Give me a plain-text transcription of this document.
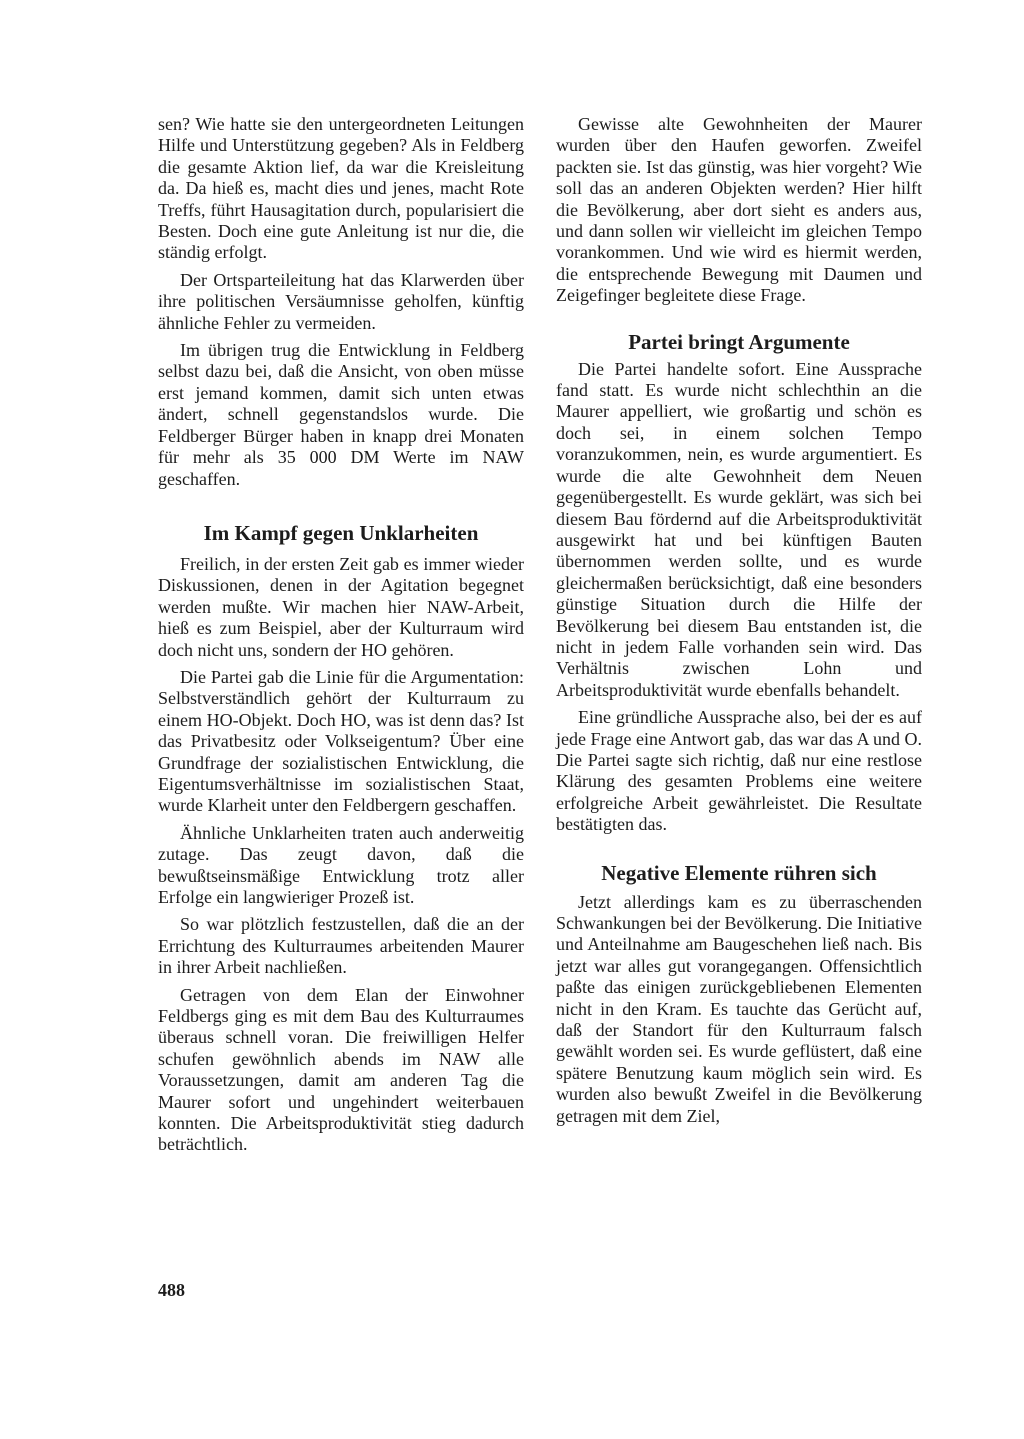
sen? Wie hatte sie den untergeordneten Leitungen Hilfe und Unterstützung gegeben? Als in Feldberg die gesamte Aktion lief, da war die Kreisleitung da. Da hieß es, macht dies und jenes, macht Rote Treffs, führt Hausagitation durch, popularisiert die Besten. Doch eine gute Anleitung ist nur die, die ständig erfolgt.

Der Ortsparteileitung hat das Klarwerden über ihre politischen Versäumnisse geholfen, künftig ähnliche Fehler zu vermeiden.

Im übrigen trug die Entwicklung in Feldberg selbst dazu bei, daß die Ansicht, von oben müsse erst jemand kommen, damit sich unten etwas ändert, schnell gegenstandslos wurde. Die Feldberger Bürger haben in knapp drei Monaten für mehr als 35 000 DM Werte im NAW geschaffen.

Im Kampf gegen Unklarheiten

Freilich, in der ersten Zeit gab es immer wieder Diskussionen, denen in der Agitation begegnet werden mußte. Wir machen hier NAW-Arbeit, hieß es zum Beispiel, aber der Kulturraum wird doch nicht uns, sondern der HO gehören.

Die Partei gab die Linie für die Argumentation: Selbstverständlich gehört der Kulturraum zu einem HO-Objekt. Doch HO, was ist denn das? Ist das Privatbesitz oder Volkseigentum? Über eine Grundfrage der sozialistischen Entwicklung, die Eigentumsverhältnisse im sozialistischen Staat, wurde Klarheit unter den Feldbergern geschaffen.

Ähnliche Unklarheiten traten auch anderweitig zutage. Das zeugt davon, daß die bewußtseinsmäßige Entwicklung trotz aller Erfolge ein langwieriger Prozeß ist.

So war plötzlich festzustellen, daß die an der Errichtung des Kulturraumes arbeitenden Maurer in ihrer Arbeit nachließen.

Getragen von dem Elan der Einwohner Feldbergs ging es mit dem Bau des Kulturraumes überaus schnell voran. Die freiwilligen Helfer schufen gewöhnlich abends im NAW alle Voraussetzungen, damit am anderen Tag die Maurer sofort und ungehindert weiterbauen konnten. Die Arbeitsproduktivität stieg dadurch beträchtlich.

Gewisse alte Gewohnheiten der Maurer wurden über den Haufen geworfen. Zweifel packten sie. Ist das günstig, was hier vorgeht? Wie soll das an anderen Objekten werden? Hier hilft die Bevölkerung, aber dort sieht es anders aus, und dann sollen wir vielleicht im gleichen Tempo vorankommen. Und wie wird es hiermit werden, die entsprechende Bewegung mit Daumen und Zeigefinger begleitete diese Frage.

Partei bringt Argumente

Die Partei handelte sofort. Eine Aussprache fand statt. Es wurde nicht schlechthin an die Maurer appelliert, wie großartig und schön es doch sei, in einem solchen Tempo voranzukommen, nein, es wurde argumentiert. Es wurde die alte Gewohnheit dem Neuen gegenübergestellt. Es wurde geklärt, was sich bei diesem Bau fördernd auf die Arbeitsproduktivität ausgewirkt hat und bei künftigen Bauten übernommen werden sollte, und es wurde gleichermaßen berücksichtigt, daß eine besonders günstige Situation durch die Hilfe der Bevölkerung bei diesem Bau entstanden ist, die nicht in jedem Falle vorhanden sein wird. Das Verhältnis zwischen Lohn und Arbeitsproduktivität wurde ebenfalls behandelt.

Eine gründliche Aussprache also, bei der es auf jede Frage eine Antwort gab, das war das A und O. Die Partei sagte sich richtig, daß nur eine restlose Klärung des gesamten Problems eine weitere erfolgreiche Arbeit gewährleistet. Die Resultate bestätigten das.

Negative Elemente rühren sich

Jetzt allerdings kam es zu überraschenden Schwankungen bei der Bevölkerung. Die Initiative und Anteilnahme am Baugeschehen ließ nach. Bis jetzt war alles gut vorangegangen. Offensichtlich paßte das einigen zurückgebliebenen Elementen nicht in den Kram. Es tauchte das Gerücht auf, daß der Standort für den Kulturraum falsch gewählt worden sei. Es wurde geflüstert, daß eine spätere Benutzung kaum möglich sein wird. Es wurden also bewußt Zweifel in die Bevölkerung getragen mit dem Ziel,

488
